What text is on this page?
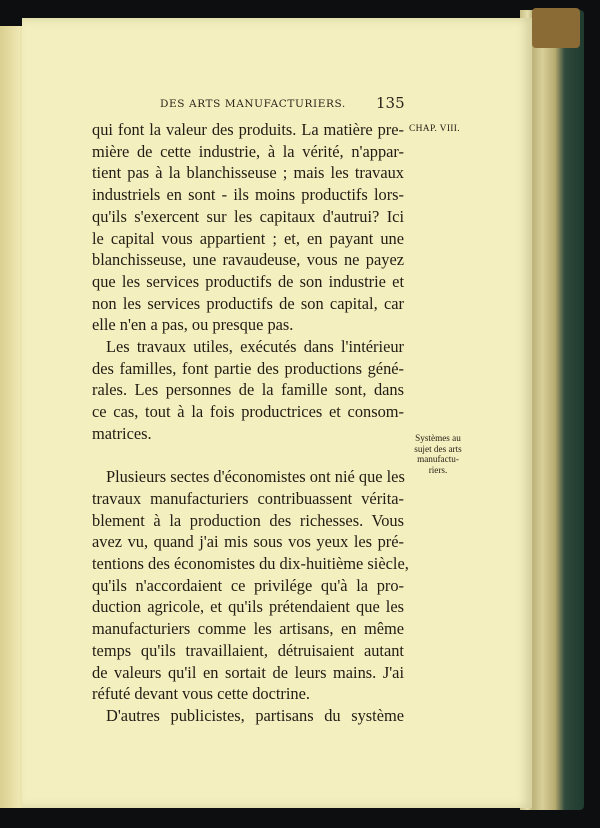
DES ARTS MANUFACTURIERS.	135
CHAP. VIII.
Systèmes au
sujet des arts
manufactu-
riers.
qui font la valeur des produits. La matière pre-
mière de cette industrie, à la vérité, n'appar-
tient pas à la blanchisseuse ; mais les travaux
industriels en sont - ils moins productifs lors-
qu'ils s'exercent sur les capitaux d'autrui? Ici
le capital vous appartient ; et, en payant une
blanchisseuse, une ravaudeuse, vous ne payez
que les services productifs de son industrie et
non les services productifs de son capital, car
elle n'en a pas, ou presque pas.
Les travaux utiles, exécutés dans l'intérieur
des familles, font partie des productions géné-
rales. Les personnes de la famille sont, dans
ce cas, tout à la fois productrices et consom-
matrices.
Plusieurs sectes d'économistes ont nié que les
travaux manufacturiers contribuassent vérita-
blement à la production des richesses. Vous
avez vu, quand j'ai mis sous vos yeux les pré-
tentions des économistes du dix-huitième siècle,
qu'ils n'accordaient ce privilége qu'à la pro-
duction agricole, et qu'ils prétendaient que les
manufacturiers comme les artisans, en même
temps qu'ils travaillaient, détruisaient autant
de valeurs qu'il en sortait de leurs mains. J'ai
réfuté devant vous cette doctrine.
D'autres publicistes, partisans du système
